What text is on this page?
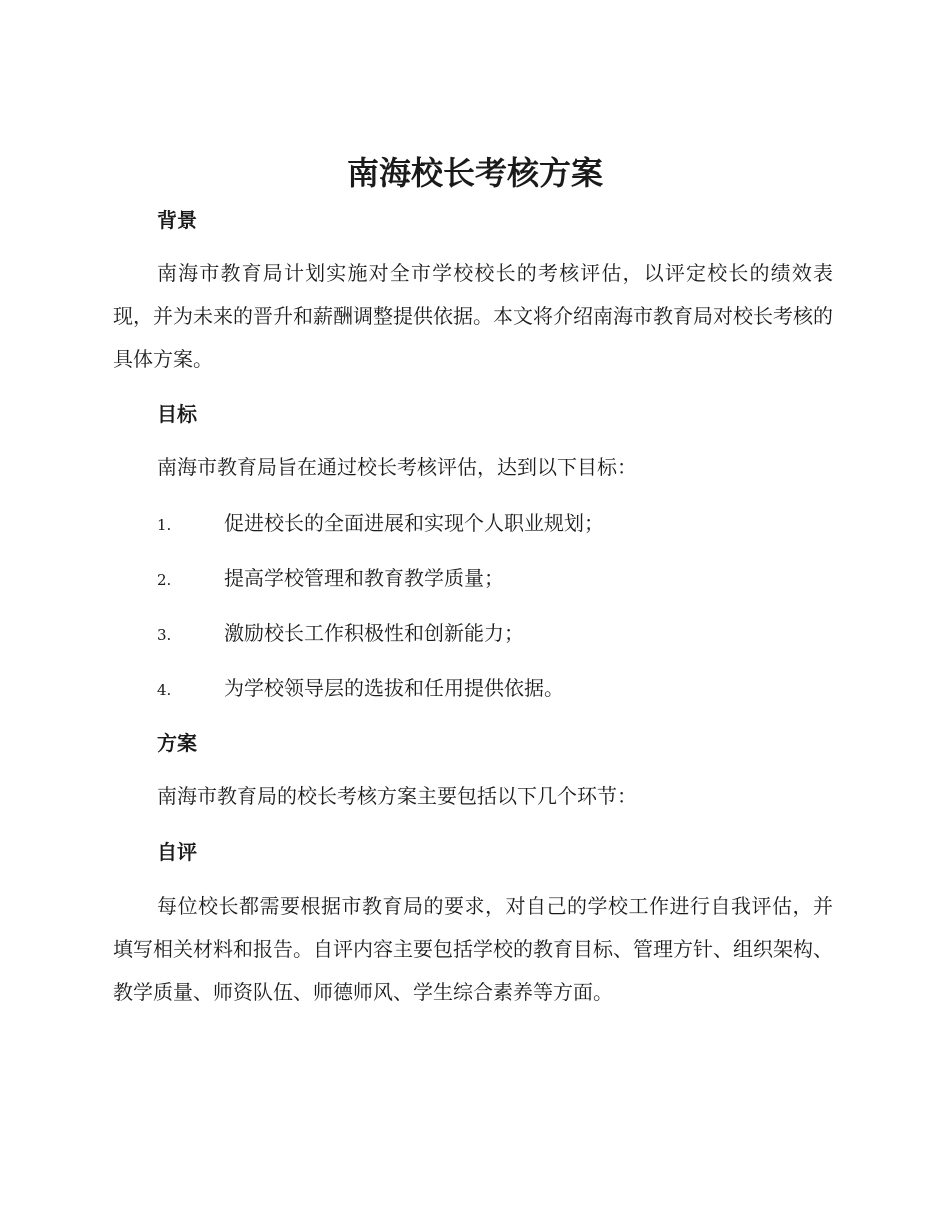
南海校长考核方案
背景

南海市教育局计划实施对全市学校校长的考核评估，以评定校长的绩效表现，并为未来的晋升和薪酬调整提供依据。本文将介绍南海市教育局对校长考核的具体方案。

目标

南海市教育局旨在通过校长考核评估，达到以下目标：

1.	促进校长的全面进展和实现个人职业规划；
2.	提高学校管理和教育教学质量；
3.	激励校长工作积极性和创新能力；
4.	为学校领导层的选拔和任用提供依据。
方案

南海市教育局的校长考核方案主要包括以下几个环节：

自评

每位校长都需要根据市教育局的要求，对自己的学校工作进行自我评估，并填写相关材料和报告。自评内容主要包括学校的教育目标、管理方针、组织架构、教学质量、师资队伍、师德师风、学生综合素养等方面。
